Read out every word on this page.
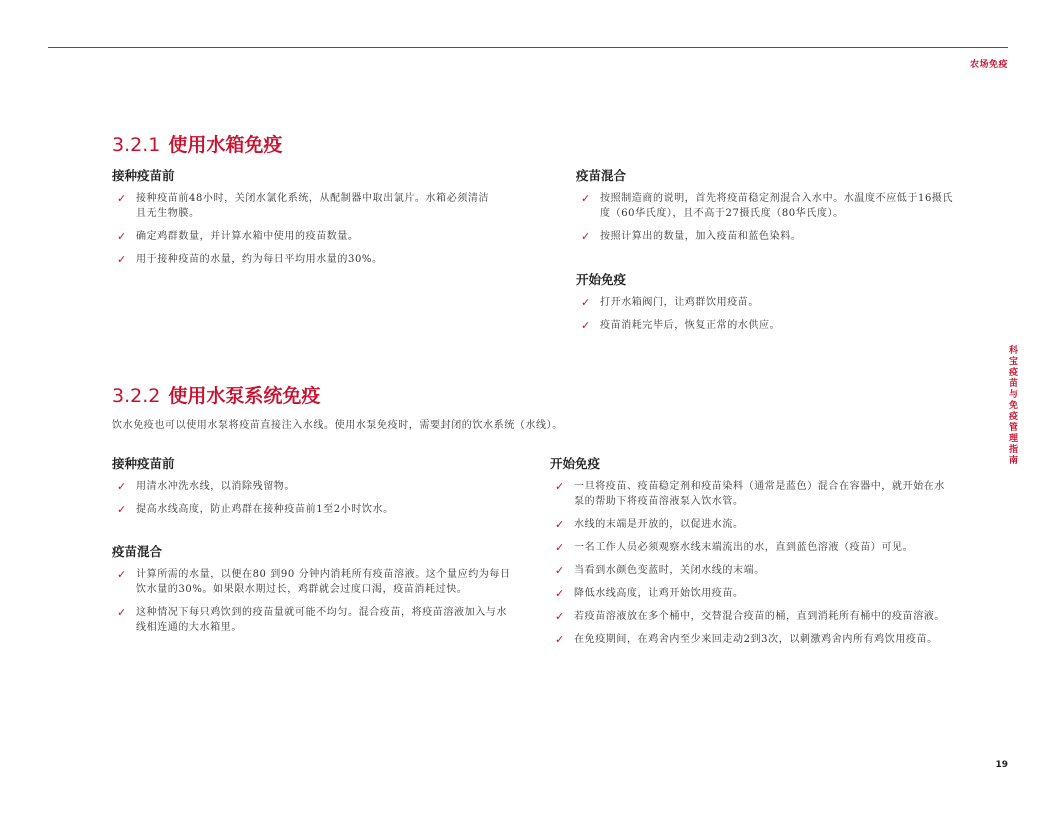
农场免疫
科宝疫苗与免疫管理指南
19
3.2.1 使用水箱免疫
接种疫苗前
✓ 接种疫苗前48小时，关闭水氯化系统，从配制器中取出氯片。水箱必须清洁且无生物膜。
✓ 确定鸡群数量，并计算水箱中使用的疫苗数量。
✓ 用于接种疫苗的水量，约为每日平均用水量的30%。
疫苗混合
✓ 按照制造商的说明，首先将疫苗稳定剂混合入水中。水温度不应低于16摄氏度（60华氏度），且不高于27摄氏度（80华氏度）。
✓ 按照计算出的数量，加入疫苗和蓝色染料。
开始免疫
✓ 打开水箱阀门，让鸡群饮用疫苗。
✓ 疫苗消耗完毕后，恢复正常的水供应。
3.2.2 使用水泵系统免疫
饮水免疫也可以使用水泵将疫苗直接注入水线。使用水泵免疫时，需要封闭的饮水系统（水线）。
接种疫苗前
✓ 用清水冲洗水线，以消除残留物。
✓ 提高水线高度，防止鸡群在接种疫苗前1至2小时饮水。
疫苗混合
✓ 计算所需的水量，以便在80 到90 分钟内消耗所有疫苗溶液。这个量应约为每日饮水量的30%。如果限水期过长，鸡群就会过度口渴，疫苗消耗过快。
✓ 这种情况下每只鸡饮到的疫苗量就可能不均匀。混合疫苗，将疫苗溶液加入与水线相连通的大水箱里。
开始免疫
✓ 一旦将疫苗、疫苗稳定剂和疫苗染料（通常是蓝色）混合在容器中，就开始在水泵的帮助下将疫苗溶液泵入饮水管。
✓ 水线的末端是开放的，以促进水流。
✓ 一名工作人员必须观察水线末端流出的水，直到蓝色溶液（疫苗）可见。
✓ 当看到水颜色变蓝时，关闭水线的末端。
✓ 降低水线高度，让鸡开始饮用疫苗。
✓ 若疫苗溶液放在多个桶中，交替混合疫苗的桶，直到消耗所有桶中的疫苗溶液。
✓ 在免疫期间，在鸡舍内至少来回走动2到3次，以刺激鸡舍内所有鸡饮用疫苗。
